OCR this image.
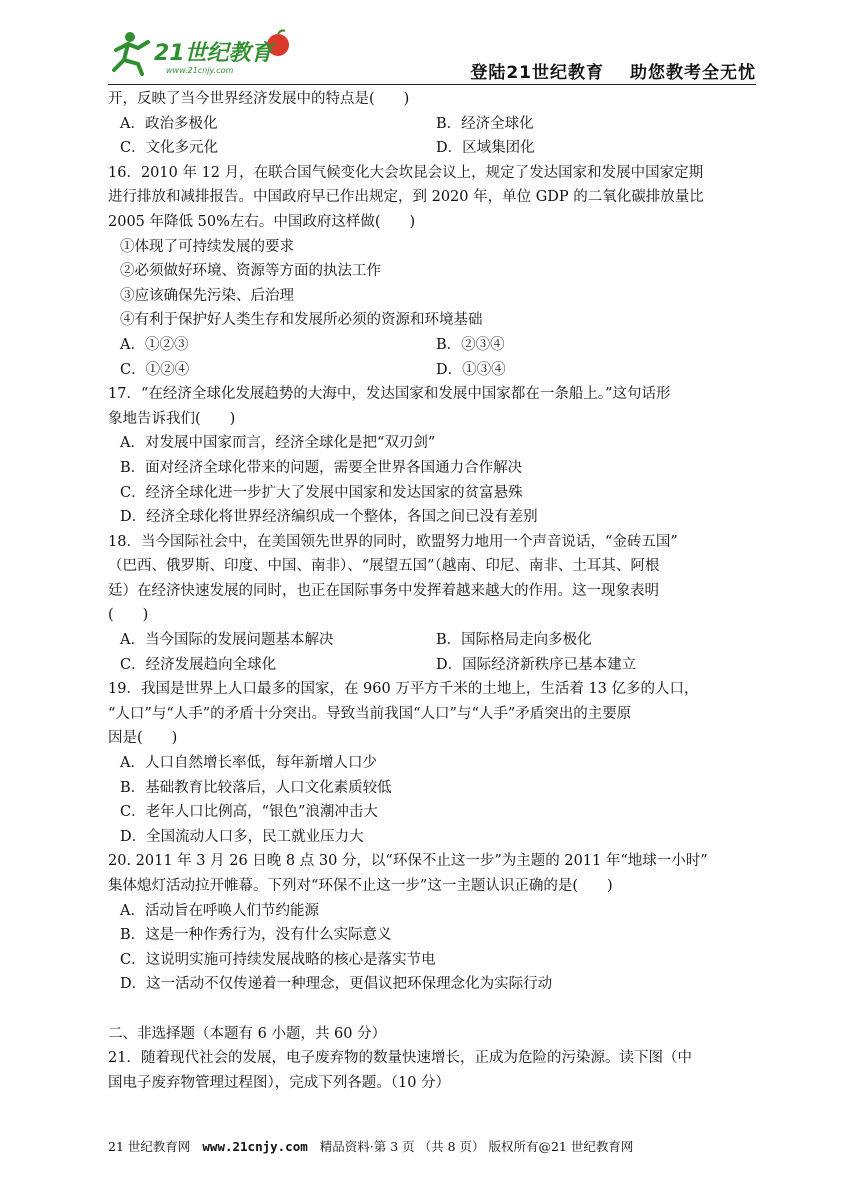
21世纪教育
www.21cnjy.com	登陆21世纪教育 助您教考全无忧
开，反映了当今世界经济发展中的特点是(　　)
A．政治多极化	B．经济全球化
C．文化多元化	D．区域集团化
16．2010 年 12 月，在联合国气候变化大会坎昆会议上，规定了发达国家和发展中国家定期
进行排放和减排报告。中国政府早已作出规定，到 2020 年，单位 GDP 的二氧化碳排放量比
2005 年降低 50%左右。中国政府这样做(　　)
①体现了可持续发展的要求
②必须做好环境、资源等方面的执法工作
③应该确保先污染、后治理
④有利于保护好人类生存和发展所必须的资源和环境基础
A．①②③	B．②③④
C．①②④	D．①③④
17．“在经济全球化发展趋势的大海中，发达国家和发展中国家都在一条船上。”这句话形
象地告诉我们(　　)
A．对发展中国家而言，经济全球化是把“双刃剑”
B．面对经济全球化带来的问题，需要全世界各国通力合作解决
C．经济全球化进一步扩大了发展中国家和发达国家的贫富悬殊
D．经济全球化将世界经济编织成一个整体，各国之间已没有差别
18．当今国际社会中，在美国领先世界的同时，欧盟努力地用一个声音说话，“金砖五国”
（巴西、俄罗斯、印度、中国、南非）、“展望五国”（越南、印尼、南非、土耳其、阿根
廷）在经济快速发展的同时，也正在国际事务中发挥着越来越大的作用。这一现象表明
(　　)
A．当今国际的发展问题基本解决	B．国际格局走向多极化
C．经济发展趋向全球化	D．国际经济新秩序已基本建立
19．我国是世界上人口最多的国家，在 960 万平方千米的土地上，生活着 13 亿多的人口，
“人口”与“人手”的矛盾十分突出。导致当前我国“人口”与“人手”矛盾突出的主要原
因是(　　)
A．人口自然增长率低，每年新增人口少
B．基础教育比较落后，人口文化素质较低
C．老年人口比例高，“银色”浪潮冲击大
D．全国流动人口多，民工就业压力大
20. 2011 年 3 月 26 日晚 8 点 30 分，以“环保不止这一步”为主题的 2011 年“地球一小时”
集体熄灯活动拉开帷幕。下列对“环保不止这一步”这一主题认识正确的是(　　)
A．活动旨在呼唤人们节约能源
B．这是一种作秀行为，没有什么实际意义
C．这说明实施可持续发展战略的核心是落实节电
D．这一活动不仅传递着一种理念，更倡议把环保理念化为实际行动
二、非选择题（本题有 6 小题，共 60 分）
21．随着现代社会的发展，电子废弃物的数量快速增长，正成为危险的污染源。读下图（中
国电子废弃物管理过程图），完成下列各题。（10 分）
21 世纪教育网 www.21cnjy.com 精品资料·第 3 页 （共 8 页） 版权所有@21 世纪教育网
